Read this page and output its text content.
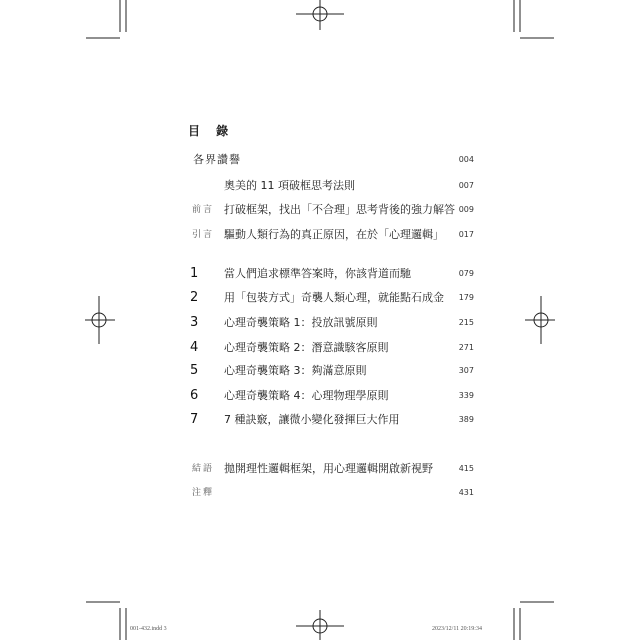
目 錄
各界讚譽	004
奧美的 11 項破框思考法則	007
前言 打破框架，找出「不合理」思考背後的強力解答 009
引言 驅動人類行為的真正原因，在於「心理邏輯」	017
1	當人們追求標準答案時，你該背道而馳	079
2	用「包裝方式」奇襲人類心理，就能點石成金	179
3	心理奇襲策略 1：投放訊號原則	215
4	心理奇襲策略 2：潛意識駭客原則	271
5	心理奇襲策略 3：夠滿意原則	307
6	心理奇襲策略 4：心理物理學原則	339
7	7 種訣竅，讓微小變化發揮巨大作用	389
結語 拋開理性邏輯框架，用心理邏輯開啟新視野	415
注釋	431
001-432.indd 3	2023/12/11 20:19:34
